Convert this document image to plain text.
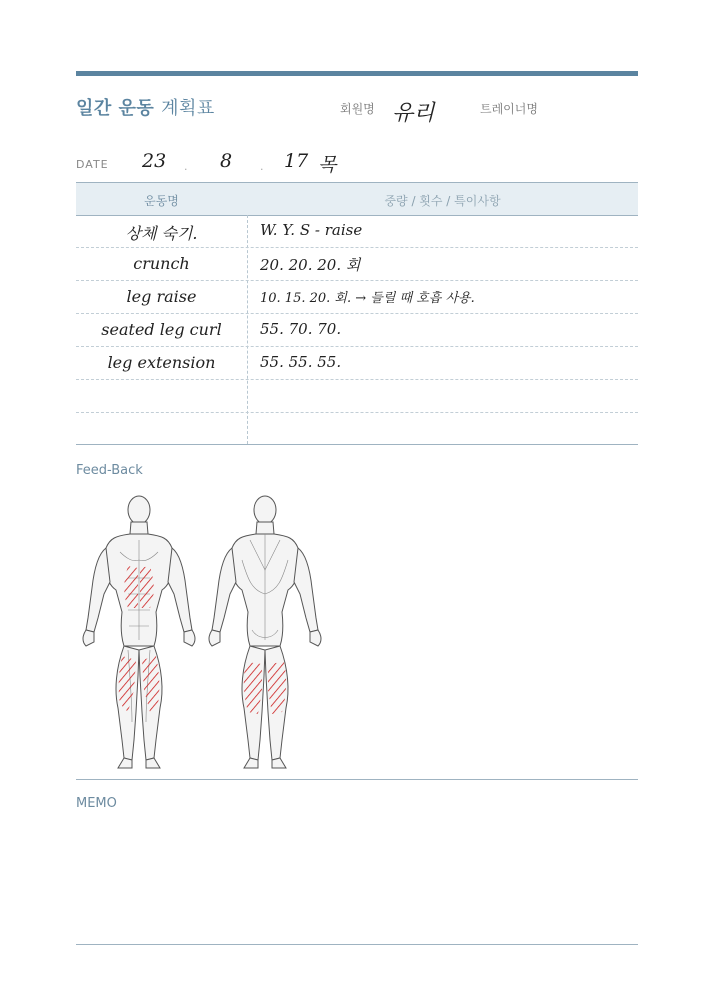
일간 운동 계획표	회원명 유리	트레이너명
DATE 23 . 8	. 17 목
운동명	중량 / 횟수 / 특이사항
상체 숙기.	W. Y. S - raise
crunch	20. 20. 20. 회
leg raise	10. 15. 20. 회. → 들릴 때 호흡 사용.
seated leg curl	55. 70. 70.
leg extension	55. 55. 55.
Feed-Back
MEMO
